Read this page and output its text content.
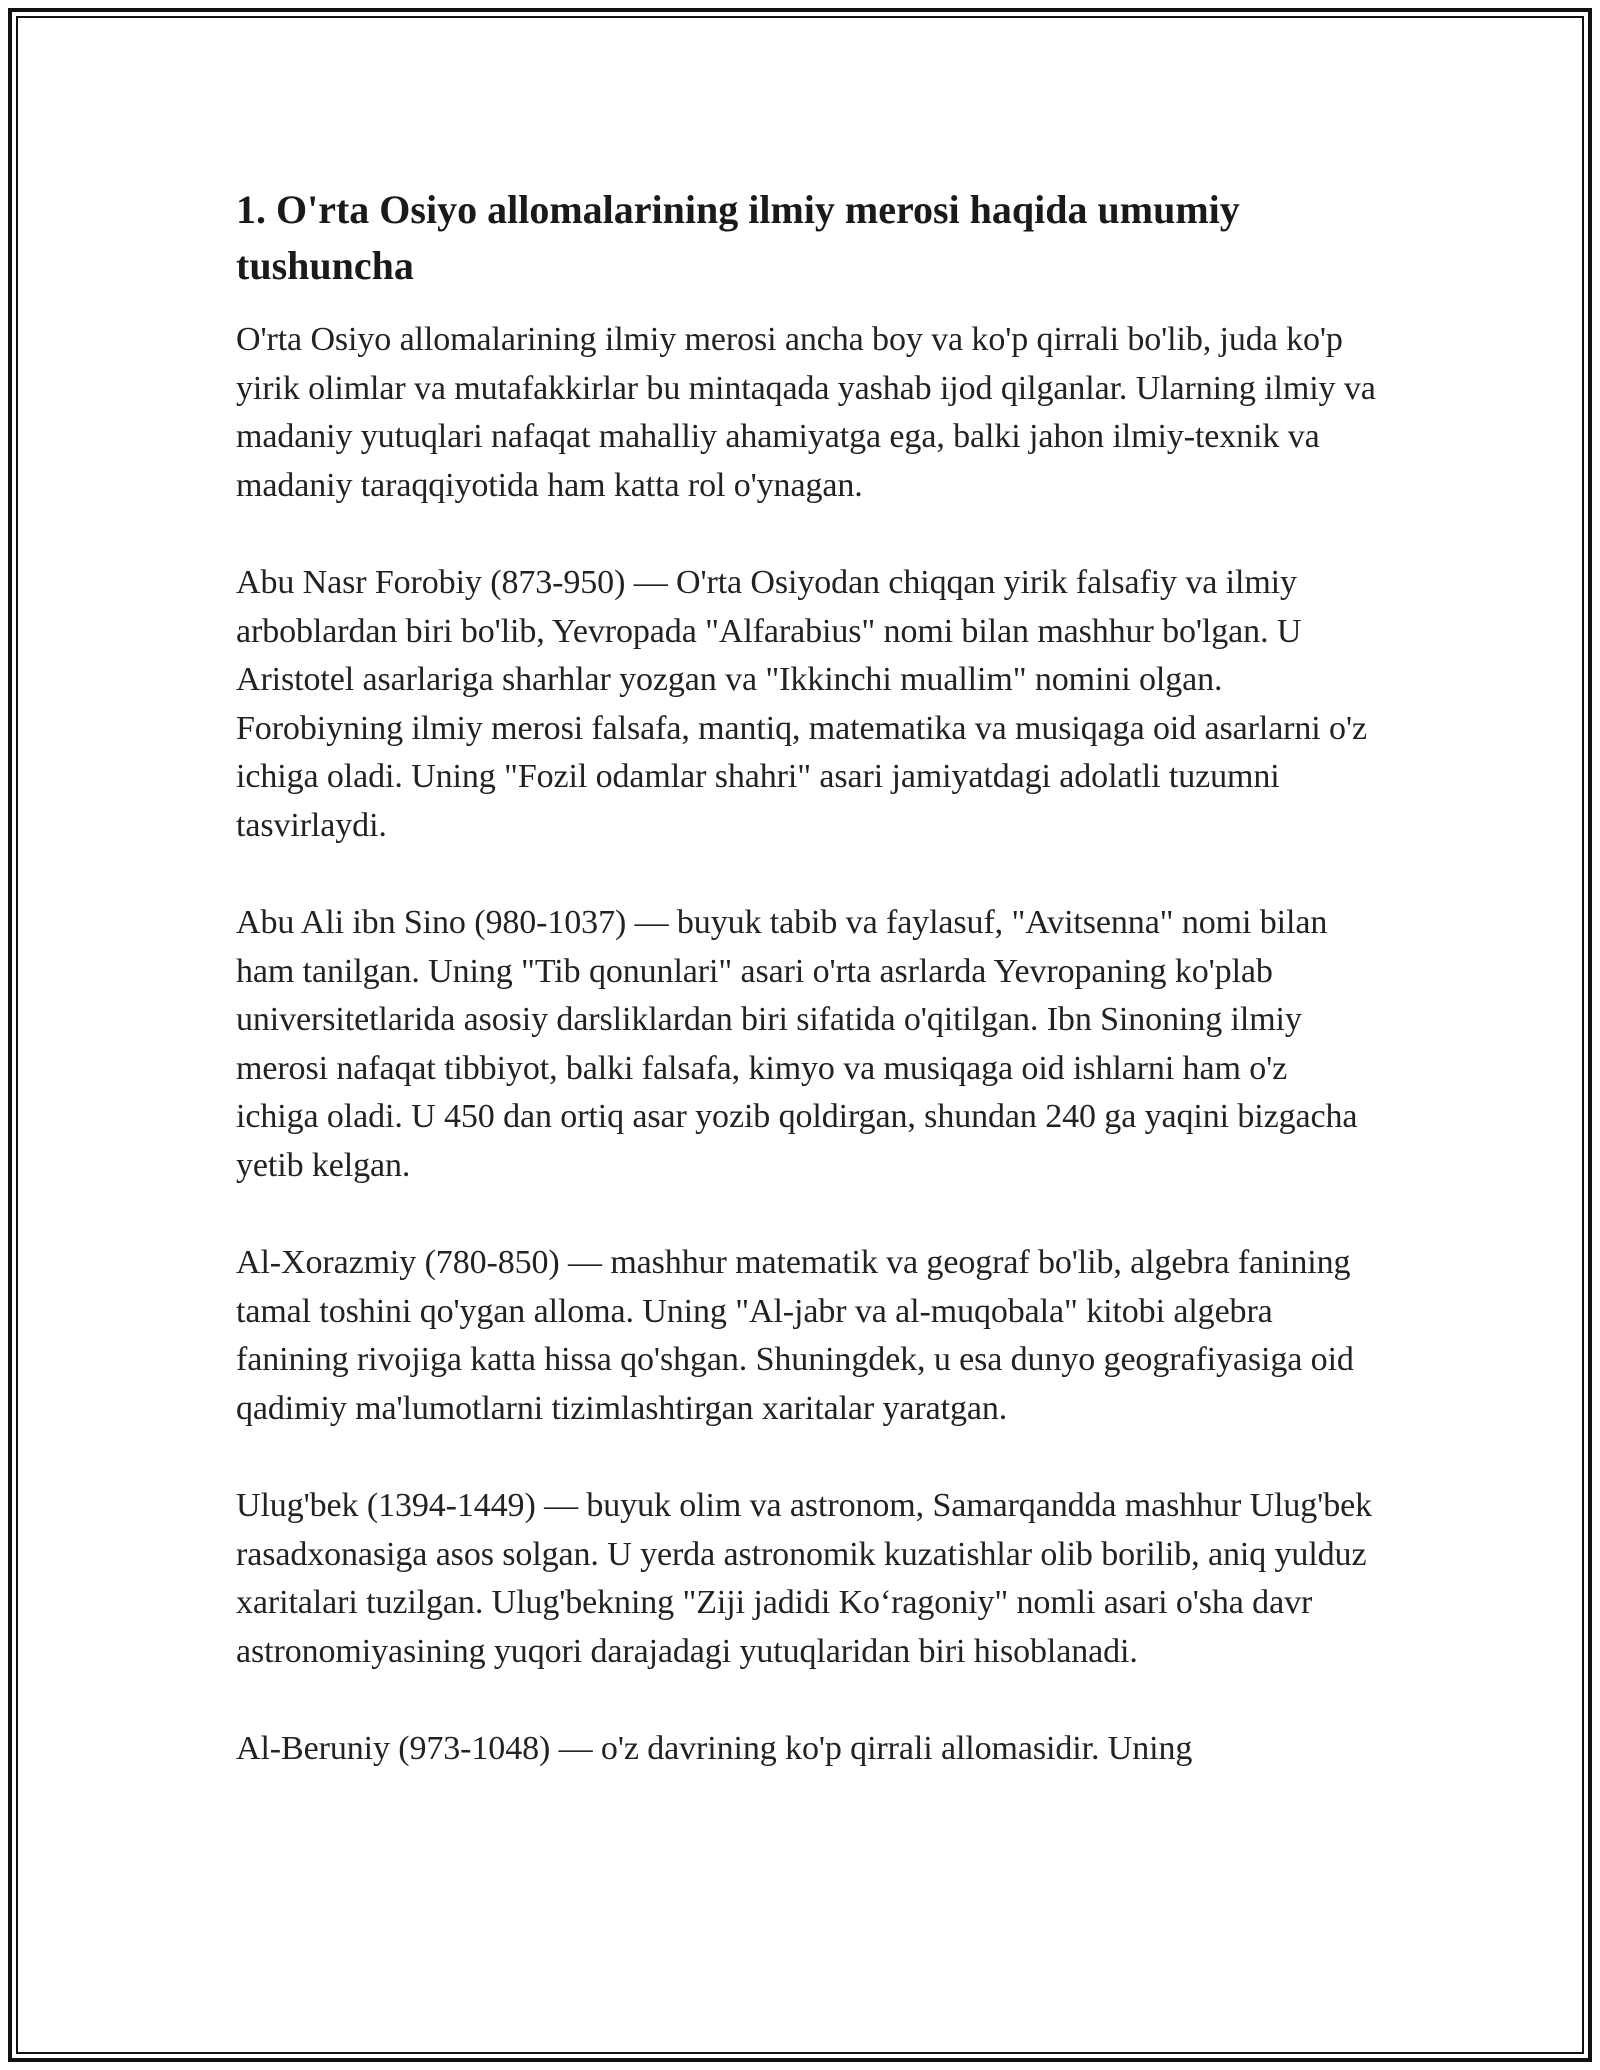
1. O'rta Osiyo allomalarining ilmiy merosi haqida umumiy tushuncha

O'rta Osiyo allomalarining ilmiy merosi ancha boy va ko'p qirrali bo'lib, juda ko'p yirik olimlar va mutafakkirlar bu mintaqada yashab ijod qilganlar. Ularning ilmiy va madaniy yutuqlari nafaqat mahalliy ahamiyatga ega, balki jahon ilmiy-texnik va madaniy taraqqiyotida ham katta rol o'ynagan.

Abu Nasr Forobiy (873-950) — O'rta Osiyodan chiqqan yirik falsafiy va ilmiy arboblardan biri bo'lib, Yevropada "Alfarabius" nomi bilan mashhur bo'lgan. U Aristotel asarlariga sharhlar yozgan va "Ikkinchi muallim" nomini olgan. Forobiyning ilmiy merosi falsafa, mantiq, matematika va musiqaga oid asarlarni o'z ichiga oladi. Uning "Fozil odamlar shahri" asari jamiyatdagi adolatli tuzumni tasvirlaydi.

Abu Ali ibn Sino (980-1037) — buyuk tabib va faylasuf, "Avitsenna" nomi bilan ham tanilgan. Uning "Tib qonunlari" asari o'rta asrlarda Yevropaning ko'plab universitetlarida asosiy darsliklardan biri sifatida o'qitilgan. Ibn Sinoning ilmiy merosi nafaqat tibbiyot, balki falsafa, kimyo va musiqaga oid ishlarni ham o'z ichiga oladi. U 450 dan ortiq asar yozib qoldirgan, shundan 240 ga yaqini bizgacha yetib kelgan.

Al-Xorazmiy (780-850) — mashhur matematik va geograf bo'lib, algebra fanining tamal toshini qo'ygan alloma. Uning "Al-jabr va al-muqobala" kitobi algebra fanining rivojiga katta hissa qo'shgan. Shuningdek, u esa dunyo geografiyasiga oid qadimiy ma'lumotlarni tizimlashtirgan xaritalar yaratgan.

Ulug'bek (1394-1449) — buyuk olim va astronom, Samarqandda mashhur Ulug'bek rasadxonasiga asos solgan. U yerda astronomik kuzatishlar olib borilib, aniq yulduz xaritalari tuzilgan. Ulug'bekning "Ziji jadidi Ko‘ragoniy" nomli asari o'sha davr astronomiyasining yuqori darajadagi yutuqlaridan biri hisoblanadi.

Al-Beruniy (973-1048) — o'z davrining ko'p qirrali allomasidir. Uning
